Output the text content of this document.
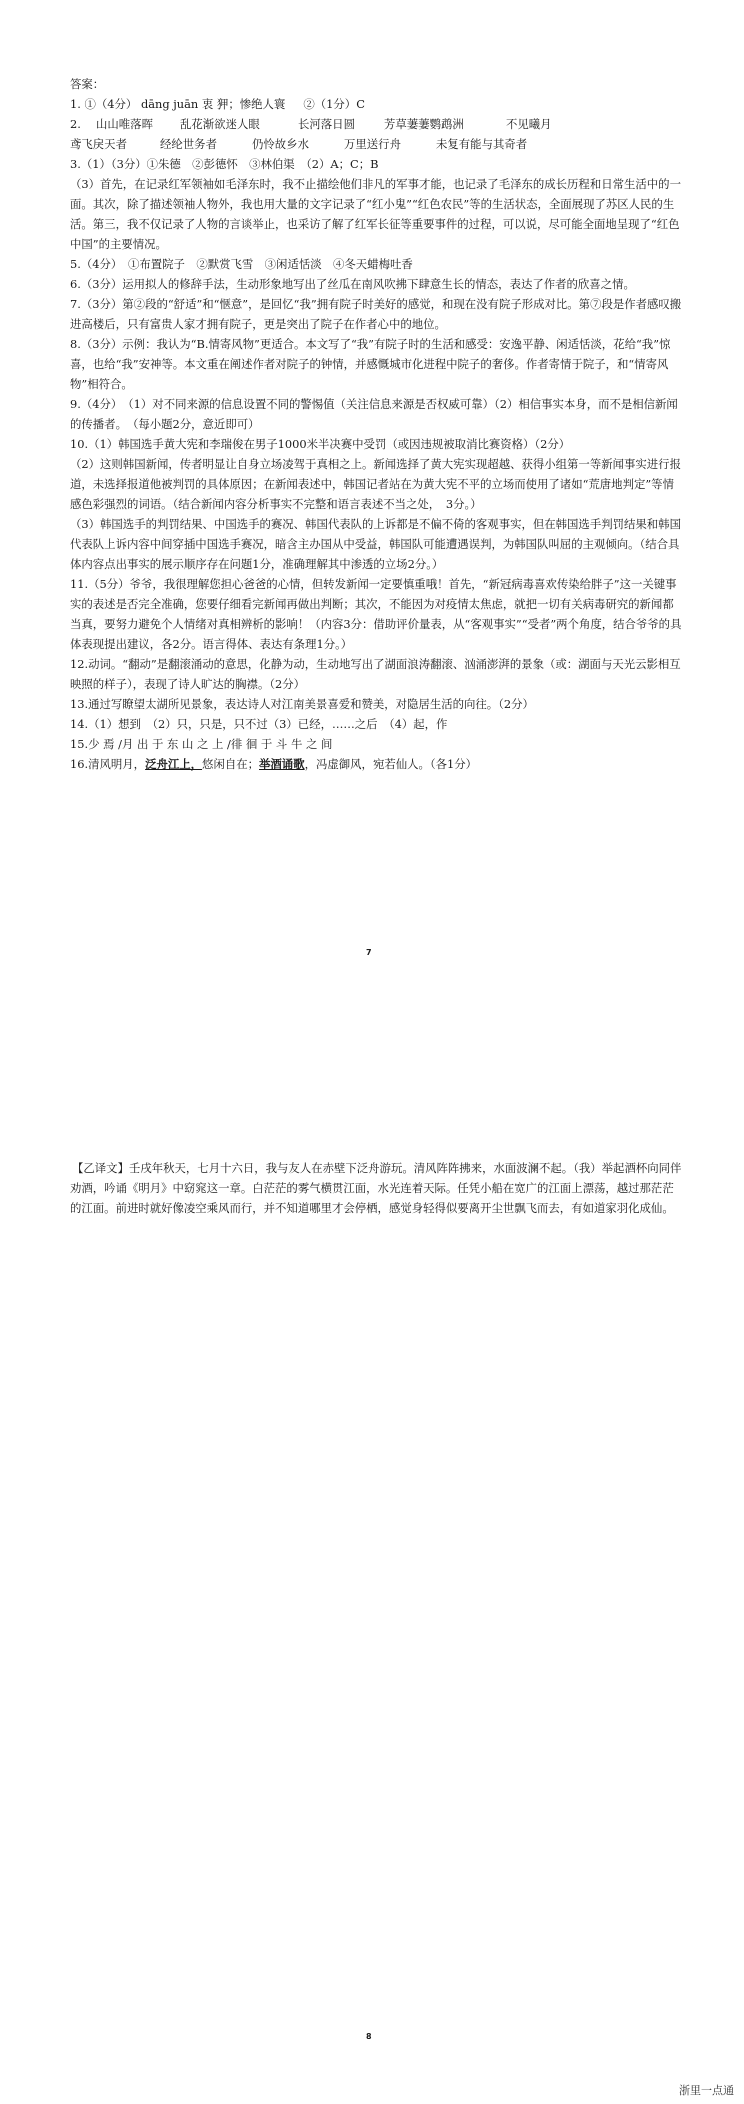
答案：

1. ①（4分） dāng juān 衷 狎；惨绝人寰 ②（1分）C

2. 山山唯落晖 乱花渐欲迷人眼	长河落日圆	芳草萋萋鹦鹉洲	不见曦月

鸢飞戾天者	经纶世务者	仍怜故乡水	万里送行舟	未复有能与其奇者

3.（1）（3分）①朱德　②彭德怀　③林伯渠　（2）A；C；B

（3）首先，在记录红军领袖如毛泽东时，我不止描绘他们非凡的军事才能，也记录了毛泽东的成长历程和日常生活中的一面。其次，除了描述领袖人物外，我也用大量的文字记录了“红小鬼”“红色农民”等的生活状态，全面展现了苏区人民的生活。第三，我不仅记录了人物的言谈举止，也采访了解了红军长征等重要事件的过程，可以说，尽可能全面地呈现了“红色中国”的主要情况。

5.（4分）　①布置院子　②默赏飞雪　③闲适恬淡　④冬天蜡梅吐香

6.（3分）运用拟人的修辞手法，生动形象地写出了丝瓜在南风吹拂下肆意生长的情态，表达了作者的欣喜之情。

7.（3分）第②段的“舒适”和“惬意”，是回忆“我”拥有院子时美好的感觉，和现在没有院子形成对比。第⑦段是作者感叹搬进高楼后，只有富贵人家才拥有院子，更是突出了院子在作者心中的地位。

8.（3分）示例：我认为“B.情寄风物”更适合。本文写了“我”有院子时的生活和感受：安逸平静、闲适恬淡，花给“我”惊喜，也给“我”安神等。本文重在阐述作者对院子的钟情，并感慨城市化进程中院子的奢侈。作者寄情于院子，和“情寄风物”相符合。

9.（4分）　（1）对不同来源的信息设置不同的警惕值（关注信息来源是否权威可靠）（2）相信事实本身，而不是相信新闻的传播者。　（每小题2分，意近即可）

10.（1）韩国选手黄大宪和李瑞俊在男子1000米半决赛中受罚（或因违规被取消比赛资格）（2分）

（2）这则韩国新闻，传者明显让自身立场凌驾于真相之上。新闻选择了黄大宪实现超越、获得小组第一等新闻事实进行报道，未选择报道他被判罚的具体原因；在新闻表述中，韩国记者站在为黄大宪不平的立场而使用了诸如“荒唐地判定”等情感色彩强烈的词语。（结合新闻内容分析事实不完整和语言表述不当之处，　3分。）

（3）韩国选手的判罚结果、中国选手的赛况、韩国代表队的上诉都是不偏不倚的客观事实，但在韩国选手判罚结果和韩国代表队上诉内容中间穿插中国选手赛况，暗含主办国从中受益，韩国队可能遭遇误判，为韩国队叫屈的主观倾向。（结合具体内容点出事实的展示顺序存在问题1分，准确理解其中渗透的立场2分。）

11.（5分）爷爷，我很理解您担心爸爸的心情，但转发新闻一定要慎重哦！首先，“新冠病毒喜欢传染给胖子”这一关键事实的表述是否完全准确，您要仔细看完新闻再做出判断；其次，不能因为对疫情太焦虑，就把一切有关病毒研究的新闻都当真，要努力避免个人情绪对真相辨析的影响！（内容3分：借助评价量表，从“客观事实”“受者”两个角度，结合爷爷的具体表现提出建议，各2分。语言得体、表达有条理1分。）

12.动词。“翻动”是翻滚涌动的意思，化静为动，生动地写出了湖面浪涛翻滚、汹涌澎湃的景象（或：湖面与天光云影相互映照的样子），表现了诗人旷达的胸襟。（2分）

13.通过写瞭望太湖所见景象，表达诗人对江南美景喜爱和赞美，对隐居生活的向往。（2分）

14.（1）想到　（2）只，只是，只不过（3）已经，……之后　（4）起，作

15.少 焉 /月 出 于 东 山 之 上 /徘 徊 于 斗 牛 之 间

16.清风明月，泛舟江上，悠闲自在；举酒诵歌，冯虚御风，宛若仙人。（各1分）

7

【乙译文】壬戌年秋天，七月十六日，我与友人在赤壁下泛舟游玩。清风阵阵拂来，水面波澜不起。（我）举起酒杯向同伴劝酒，吟诵《明月》中窈窕这一章。白茫茫的雾气横贯江面，水光连着天际。任凭小船在宽广的江面上漂荡，越过那茫茫的江面。前进时就好像凌空乘风而行，并不知道哪里才会停栖，感觉身轻得似要离开尘世飘飞而去，有如道家羽化成仙。

8
浙里一点通
